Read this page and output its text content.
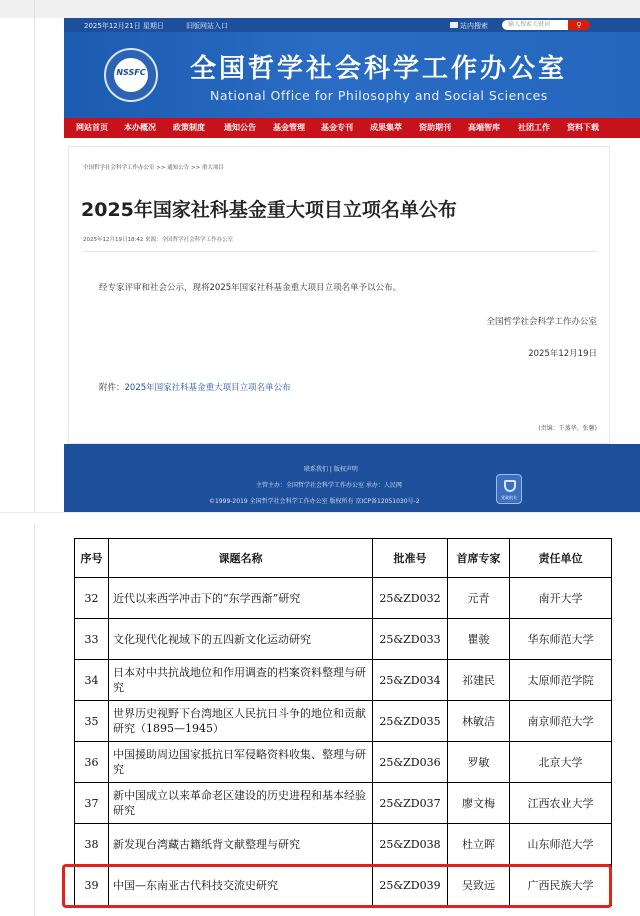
2025年12月21日 星期日	旧版网站入口	站内搜索	输入搜索关键词	⚲
NSSFC	全国哲学社会科学工作办公室
National Office for Philosophy and Social Sciences
网站首页 本办概况 政策制度 通知公告 基金管理 基金专刊 成果集萃 资助期刊 高端智库 社团工作 资料下载
全国哲学社会科学工作办公室 >> 通知公告 >> 重大项目
2025年国家社科基金重大项目立项名单公布
2025年12月19日18:42 来源：全国哲学社会科学工作办公室
经专家评审和社会公示，现将2025年国家社科基金重大项目立项名单予以公布。
全国哲学社会科学工作办公室
2025年12月19日
附件：2025年国家社科基金重大项目立项名单公布
(责编：王蒸华、张馨)
联系我们 | 版权声明
主管主办：全国哲学社会科学工作办公室 承办：人民网
©1999-2019 全国哲学社会科学工作办公室 版权所有 京ICP备12051030号-2
党政机关
序号	课题名称	批准号	首席专家	责任单位
32	近代以来西学冲击下的“东学西渐”研究	25&ZD032	元青	南开大学
33	文化现代化视域下的五四新文化运动研究	25&ZD033	瞿骏	华东师范大学
34	日本对中共抗战地位和作用调查的档案资料整理与研究	25&ZD034	祁建民	太原师范学院
35	世界历史视野下台湾地区人民抗日斗争的地位和贡献研究（1895—1945）	25&ZD035	林敏洁	南京师范大学
36	中国援助周边国家抵抗日军侵略资料收集、整理与研究	25&ZD036	罗敏	北京大学
37	新中国成立以来革命老区建设的历史进程和基本经验研究	25&ZD037	廖文梅	江西农业大学
38	新发现台湾藏古籍纸背文献整理与研究	25&ZD038	杜立晖	山东师范大学
39	中国—东南亚古代科技交流史研究	25&ZD039	吴致远	广西民族大学
